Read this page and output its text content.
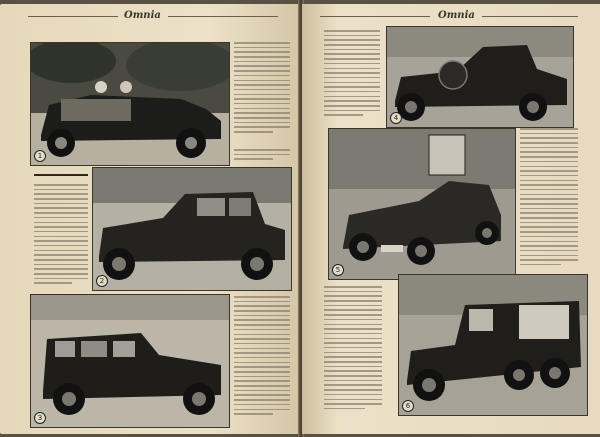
Omnia
1
2
3
Omnia
4
5
6
